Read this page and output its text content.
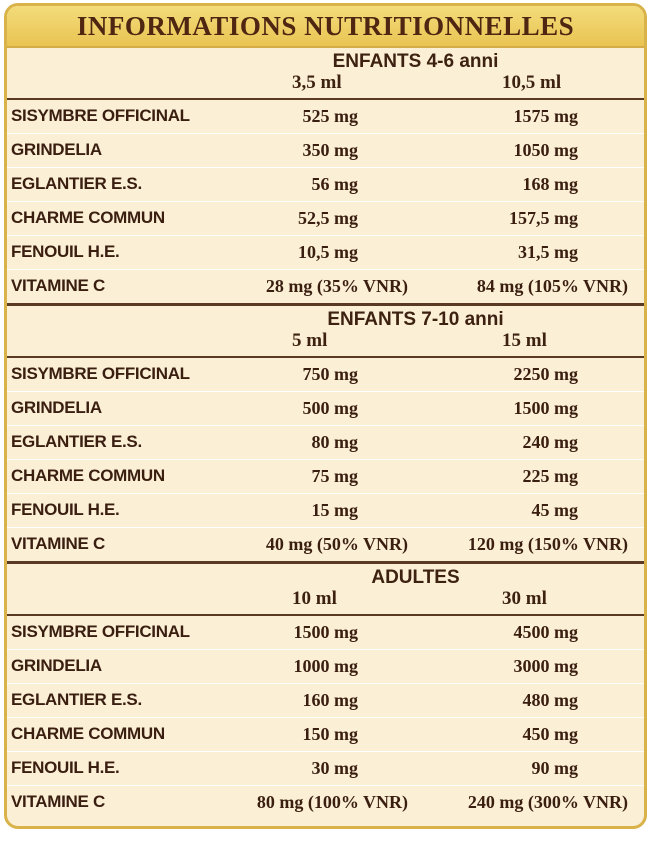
INFORMATIONS NUTRITIONNELLES
ENFANTS 4-6 anni
3,5 ml	10,5 ml
SISYMBRE OFFICINAL	525 mg	1575 mg
GRINDELIA	350 mg	1050 mg
EGLANTIER E.S.	56 mg	168 mg
CHARME COMMUN	52,5 mg	157,5 mg
FENOUIL H.E.	10,5 mg	31,5 mg
VITAMINE C	28 mg (35% VNR)	84 mg (105% VNR)
ENFANTS 7-10 anni
5 ml	15 ml
SISYMBRE OFFICINAL	750 mg	2250 mg
GRINDELIA	500 mg	1500 mg
EGLANTIER E.S.	80 mg	240 mg
CHARME COMMUN	75 mg	225 mg
FENOUIL H.E.	15 mg	45 mg
VITAMINE C	40 mg (50% VNR)	120 mg (150% VNR)
ADULTES
10 ml	30 ml
SISYMBRE OFFICINAL	1500 mg	4500 mg
GRINDELIA	1000 mg	3000 mg
EGLANTIER E.S.	160 mg	480 mg
CHARME COMMUN	150 mg	450 mg
FENOUIL H.E.	30 mg	90 mg
VITAMINE C	80 mg (100% VNR)	240 mg (300% VNR)
